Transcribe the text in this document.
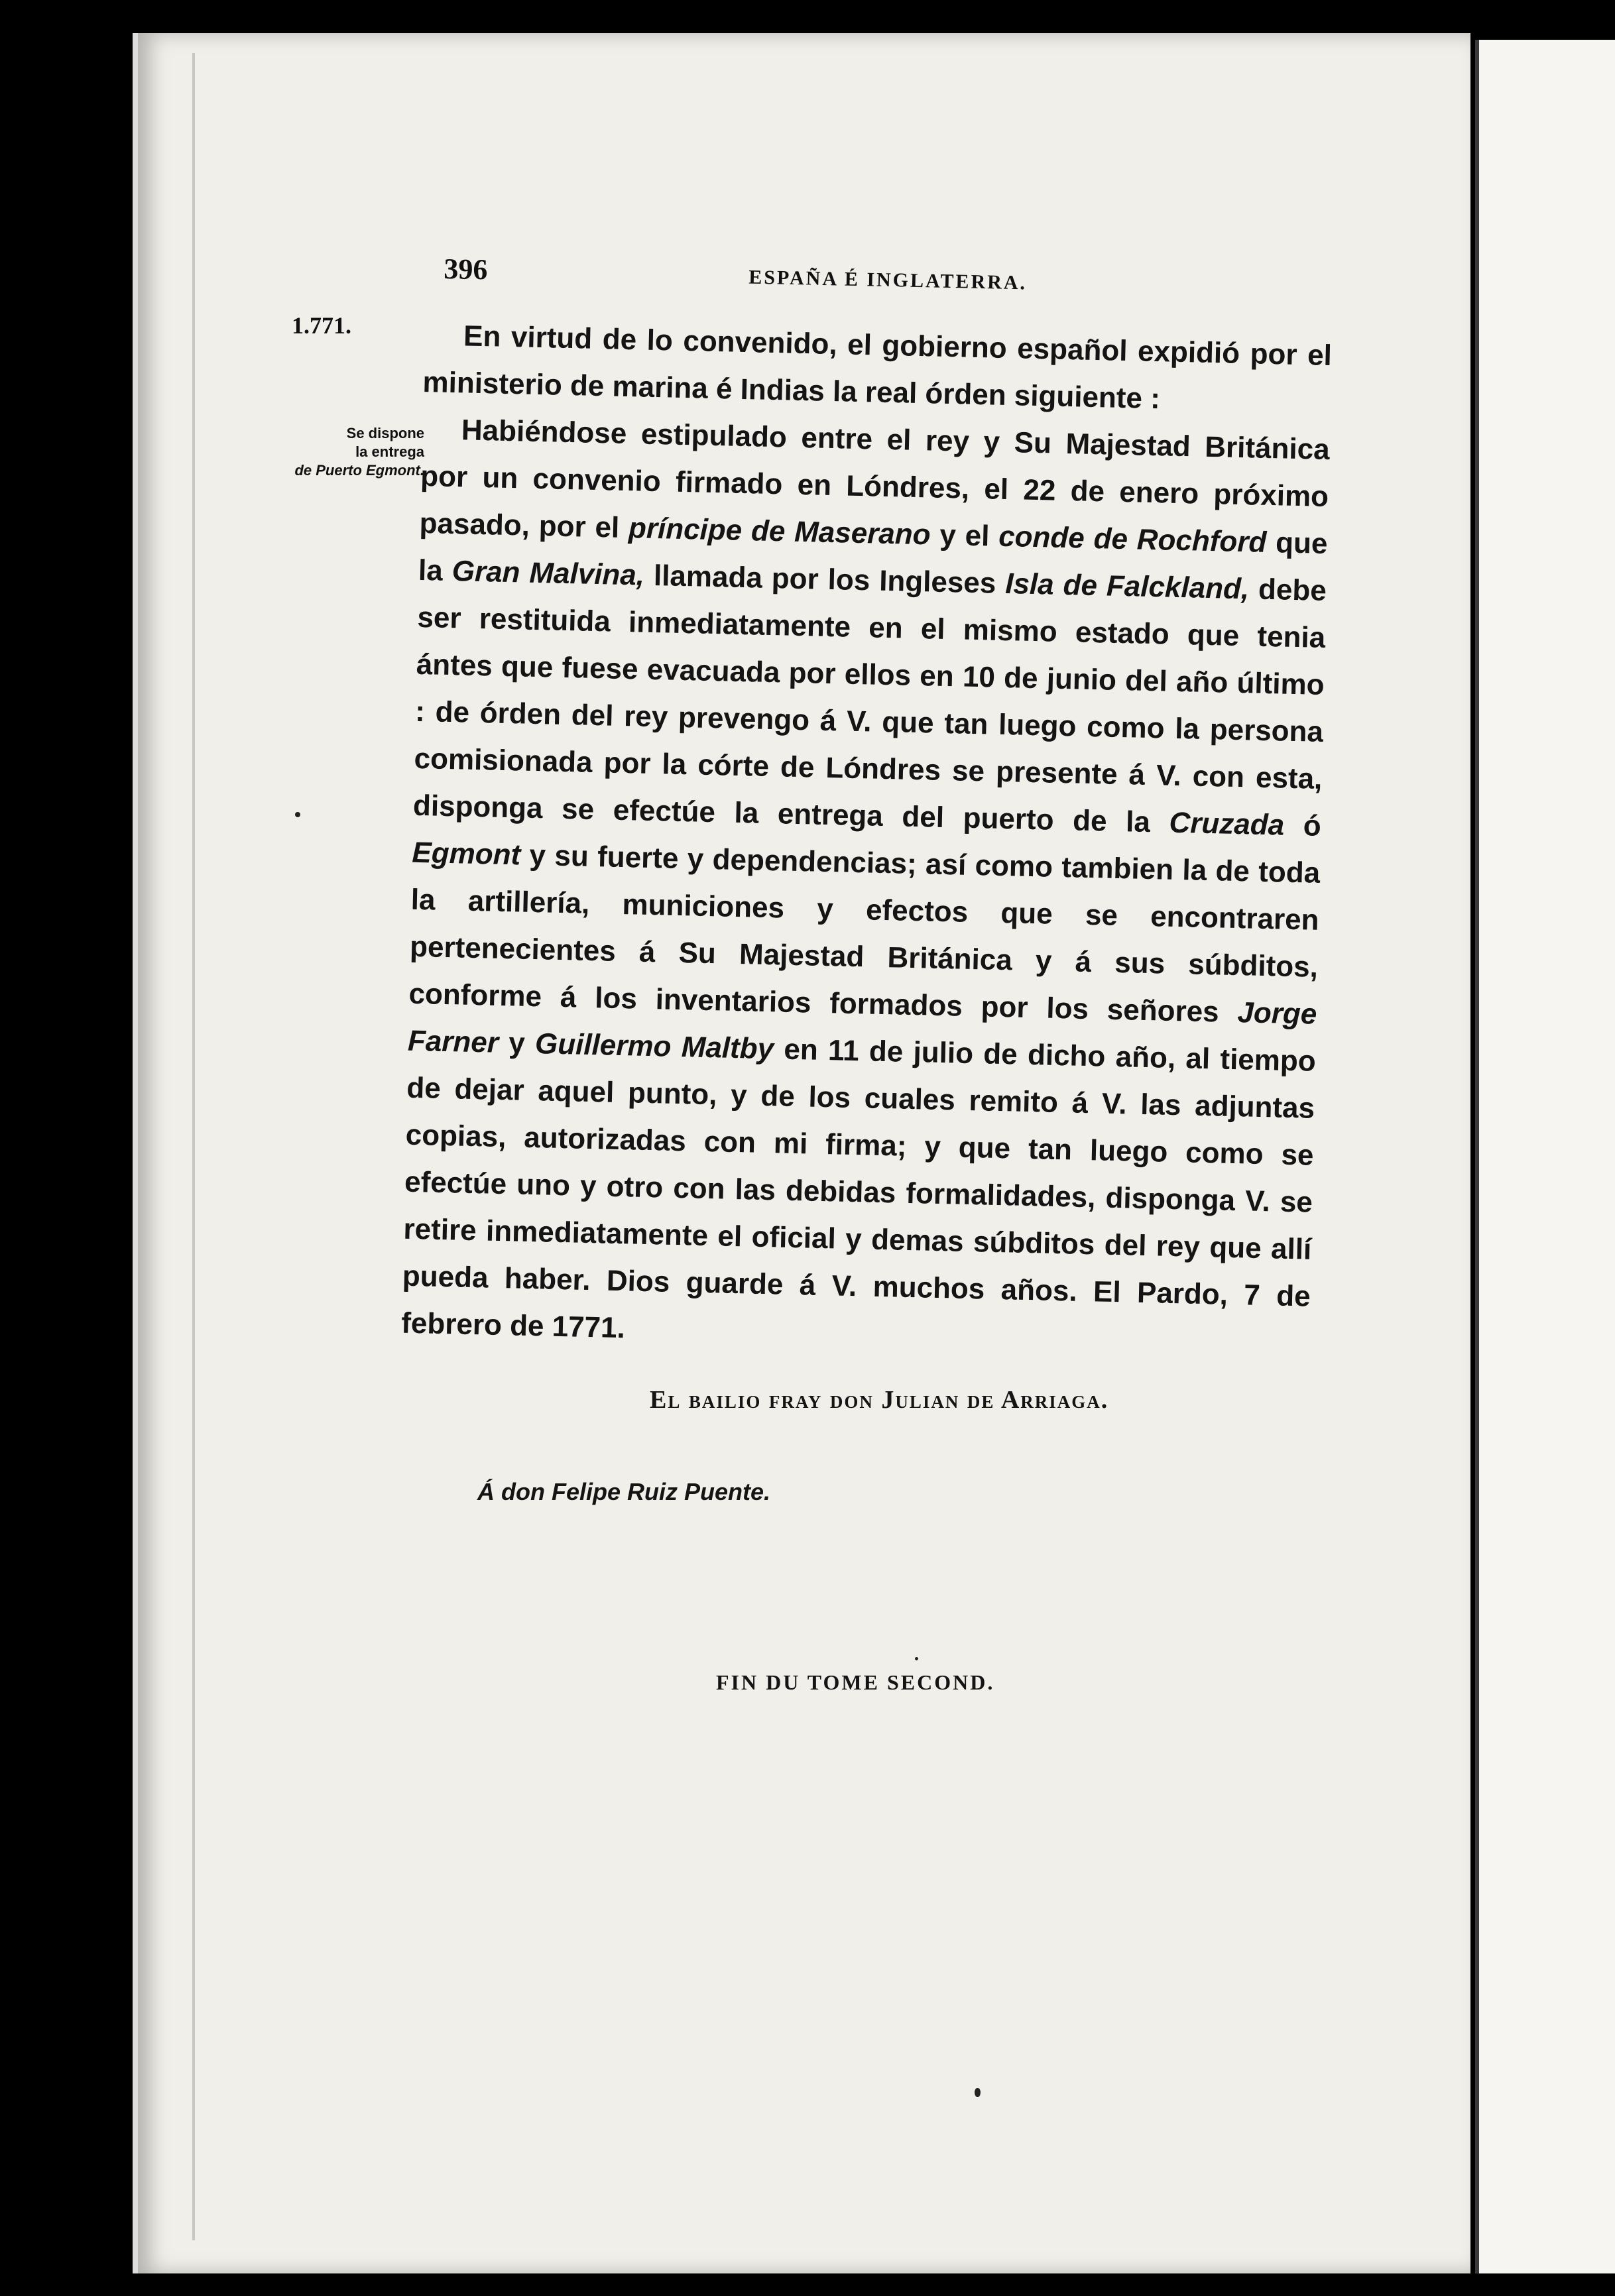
396	ESPAÑA É INGLATERRA.
1.771.
Se dispone
la entrega
de Puerto Egmont.

En virtud de lo convenido, el gobierno español expidió por el ministerio de marina é Indias la real órden siguiente :

Habiéndose estipulado entre el rey y Su Majestad Británica por un convenio firmado en Lóndres, el 22 de enero próximo pasado, por el príncipe de Maserano y el conde de Rochford que la Gran Malvina, llamada por los Ingleses Isla de Falckland, debe ser restituida inmediatamente en el mismo estado que tenia ántes que fuese evacuada por ellos en 10 de junio del año último : de órden del rey prevengo á V. que tan luego como la persona comisionada por la córte de Lóndres se presente á V. con esta, disponga se efectúe la entrega del puerto de la Cruzada ó Egmont y su fuerte y dependencias; así como tambien la de toda la artillería, municiones y efectos que se encontraren pertenecientes á Su Majestad Británica y á sus súbditos, conforme á los inventarios formados por los señores Jorge Farner y Guillermo Maltby en 11 de julio de dicho año, al tiempo de dejar aquel punto, y de los cuales remito á V. las adjuntas copias, autorizadas con mi firma; y que tan luego como se efectúe uno y otro con las debidas formalidades, disponga V. se retire inmediatamente el oficial y demas súbditos del rey que allí pueda haber. Dios guarde á V. muchos años. El Pardo, 7 de febrero de 1771.

El bailio fray don Julian de Arriaga.
Á don Felipe Ruiz Puente.
FIN DU TOME SECOND.
